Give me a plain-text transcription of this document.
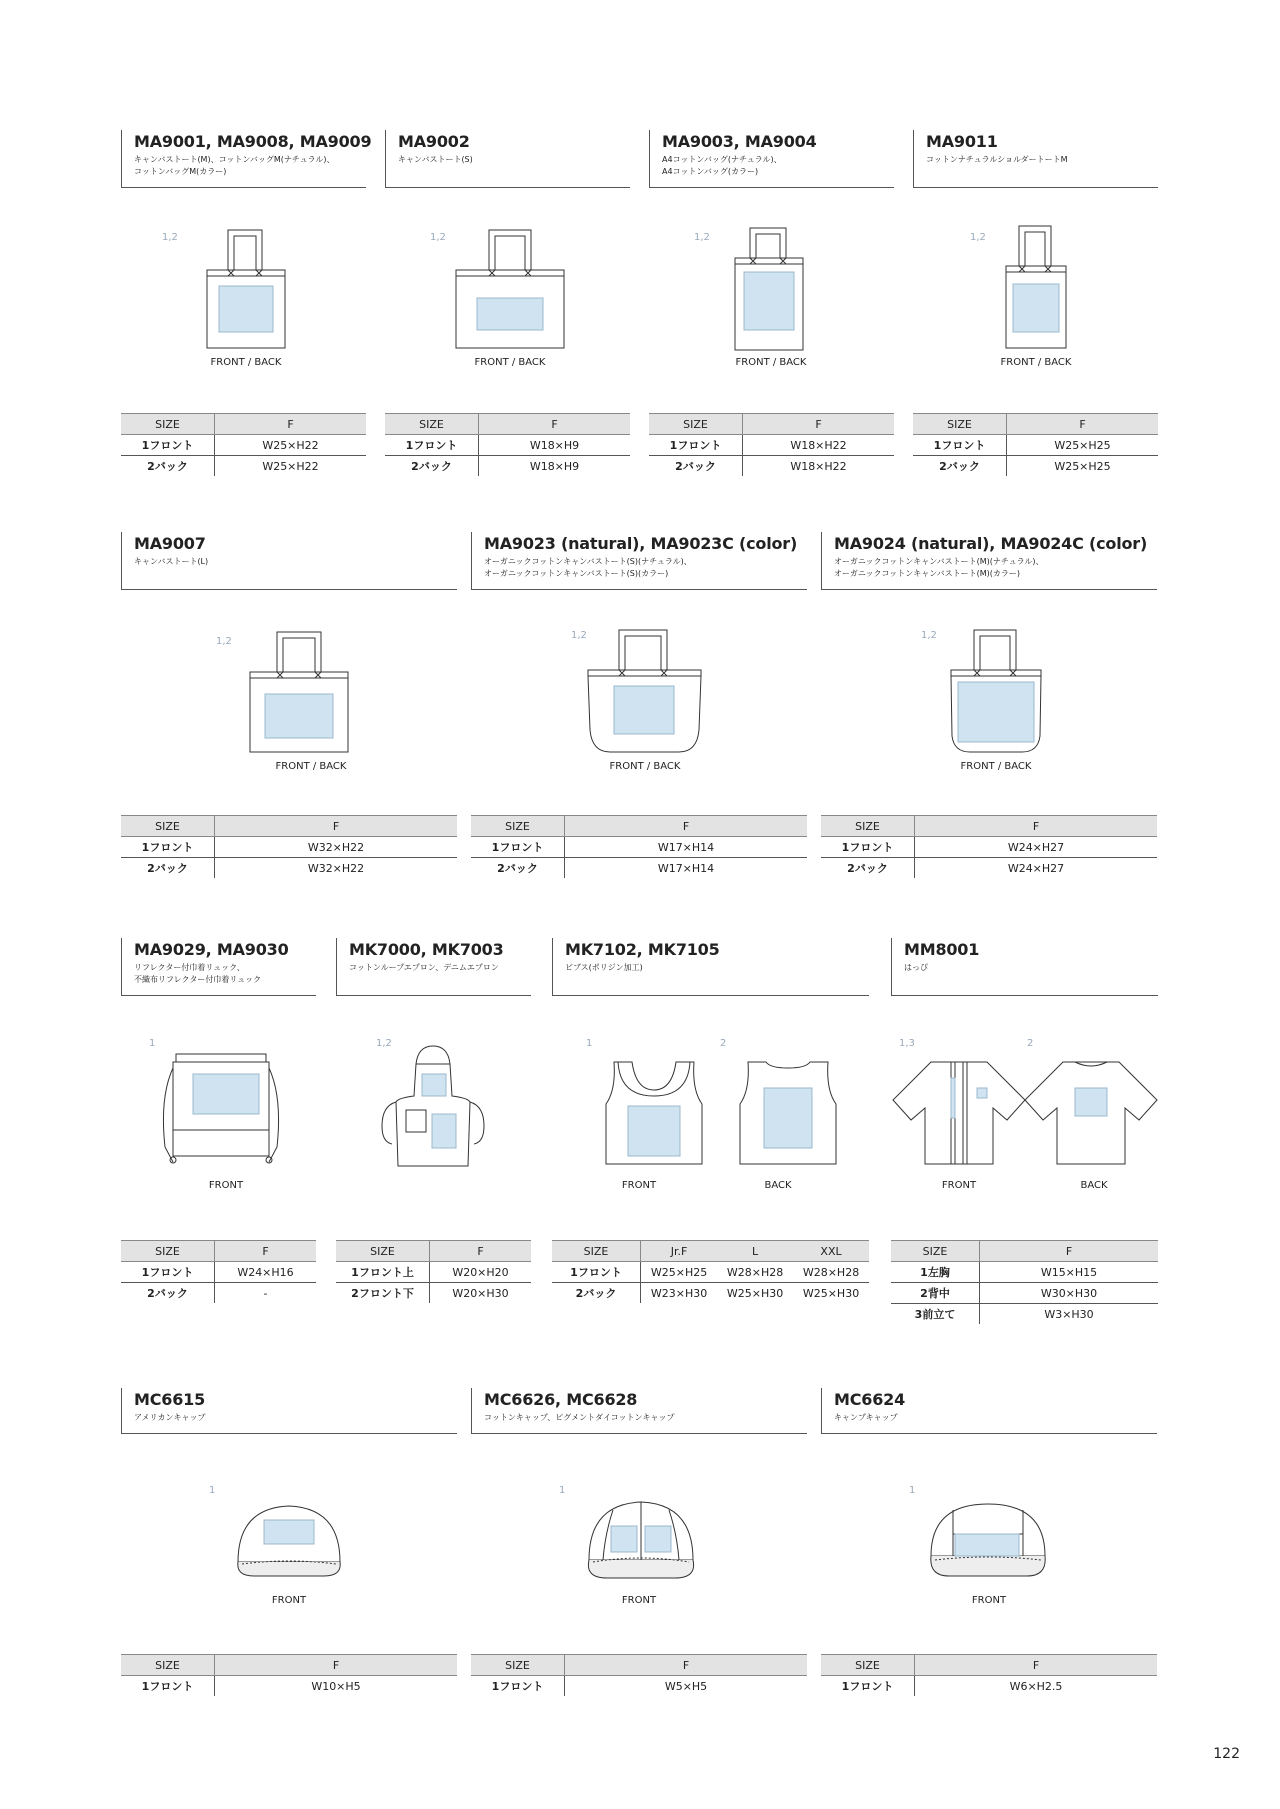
MA9001, MA9008, MA9009
キャンバストート(M)、コットンバッグM(ナチュラル)、
コットンバッグM(カラー)
1,2
FRONT / BACK
SIZE	F
1フロント	W25×H22
2バック	W25×H22
MA9002
キャンバストート(S)
1,2
FRONT / BACK
SIZE	F
1フロント	W18×H9
2バック	W18×H9
MA9003, MA9004
A4コットンバッグ(ナチュラル)、
A4コットンバッグ(カラー)
1,2
FRONT / BACK
SIZE	F
1フロント	W18×H22
2バック	W18×H22
MA9011
コットンナチュラルショルダートートM
1,2
FRONT / BACK
SIZE	F
1フロント	W25×H25
2バック	W25×H25
MA9007
キャンバストート(L)
1,2
FRONT / BACK
SIZE	F
1フロント	W32×H22
2バック	W32×H22
MA9023 (natural), MA9023C (color)
オーガニックコットンキャンバストート(S)(ナチュラル)、
オーガニックコットンキャンバストート(S)(カラー)
1,2
FRONT / BACK
SIZE	F
1フロント	W17×H14
2バック	W17×H14
MA9024 (natural), MA9024C (color)
オーガニックコットンキャンバストート(M)(ナチュラル)、
オーガニックコットンキャンバストート(M)(カラー)
1,2
FRONT / BACK
SIZE	F
1フロント	W24×H27
2バック	W24×H27
MA9029, MA9030
リフレクター付巾着リュック、
不織布リフレクター付巾着リュック
1
FRONT
SIZE	F
1フロント	W24×H16
2バック	-
MK7000, MK7003
コットンループエプロン、デニムエプロン
1,2
SIZE	F
1フロント上	W20×H20
2フロント下	W20×H30
MK7102, MK7105
ビブス(ポリジン加工)
1	2
FRONT	BACK
SIZE	Jr.F	L	XXL
1フロント	W25×H25	W28×H28	W28×H28
2バック	W23×H30	W25×H30	W25×H30
MM8001
はっぴ
1,3	2
FRONT	BACK
SIZE	F
1左胸	W15×H15
2背中	W30×H30
3前立て	W3×H30
MC6615
アメリカンキャップ
1
FRONT
SIZE	F
1フロント	W10×H5
MC6626, MC6628
コットンキャップ、ピグメントダイコットンキャップ
1
FRONT
SIZE	F
1フロント	W5×H5
MC6624
キャンプキャップ
1
FRONT
SIZE	F
1フロント	W6×H2.5
122
